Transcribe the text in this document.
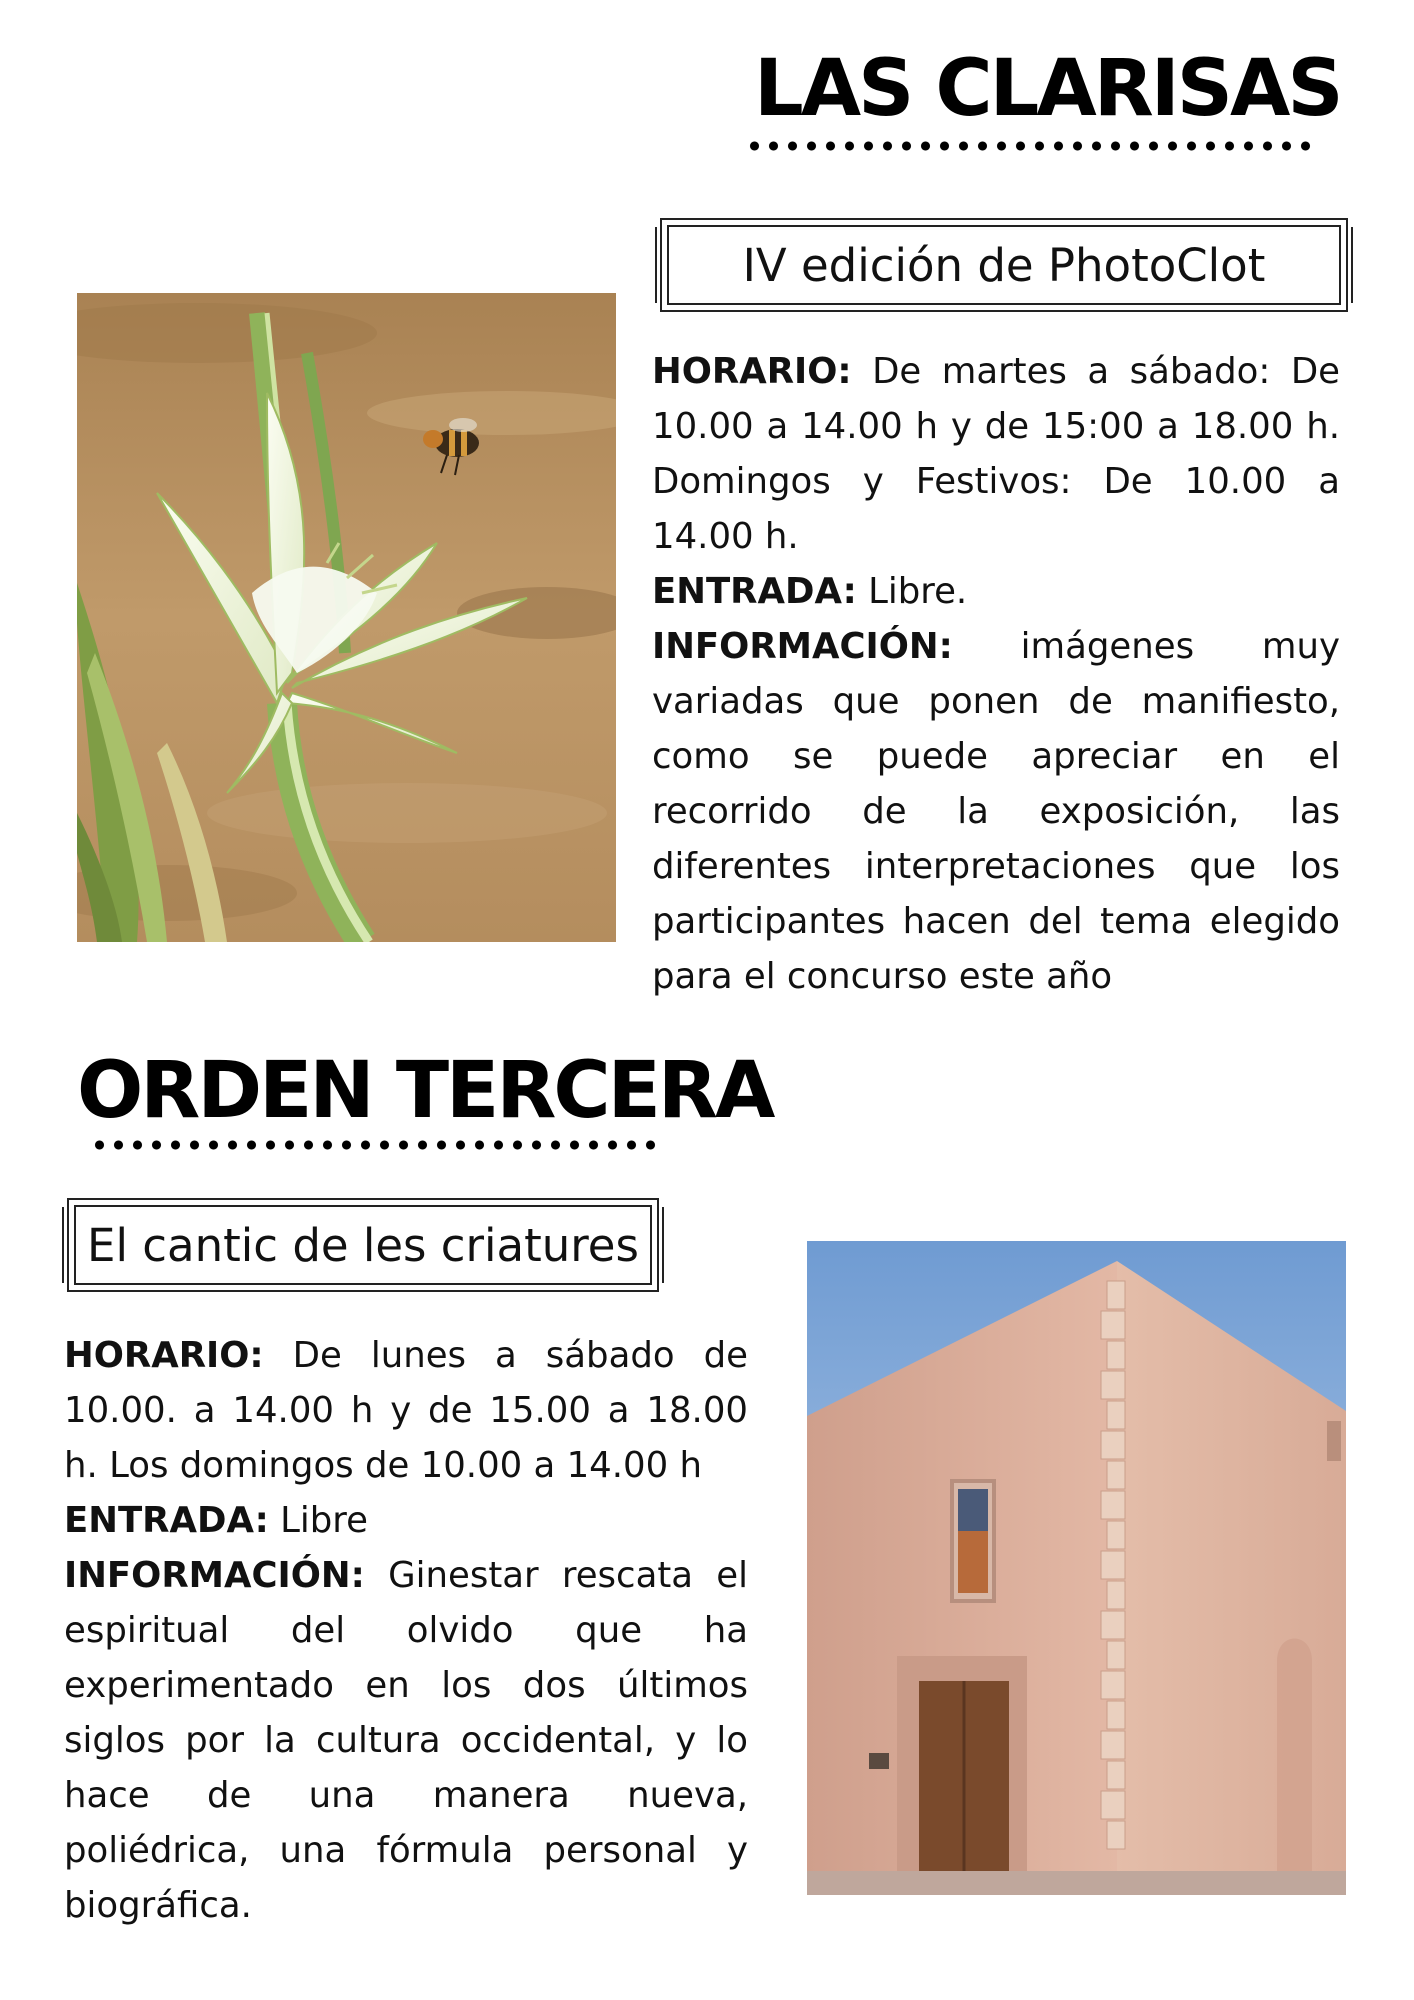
LAS CLARISAS
IV edición de PhotoClot

HORARIO: De martes a sábado: De 10.00 a 14.00 h y de 15:00 a 18.00 h. Domingos y Festivos: De 10.00 a 14.00 h.

ENTRADA: Libre.

INFORMACIÓN: imágenes muy variadas que ponen de manifiesto, como se puede apreciar en el recorrido de la exposición, las diferentes interpretaciones que los participantes hacen del tema elegido para el concurso este año

ORDEN TERCERA
El cantic de les criatures

HORARIO: De lunes a sábado de 10.00. a 14.00 h y de 15.00 a 18.00 h. Los domingos de 10.00 a 14.00 h

ENTRADA: Libre

INFORMACIÓN: Ginestar rescata el espiritual del olvido que ha experimentado en los dos últimos siglos por la cultura occidental, y lo hace de una manera nueva, poliédrica, una fórmula personal y biográfica.
